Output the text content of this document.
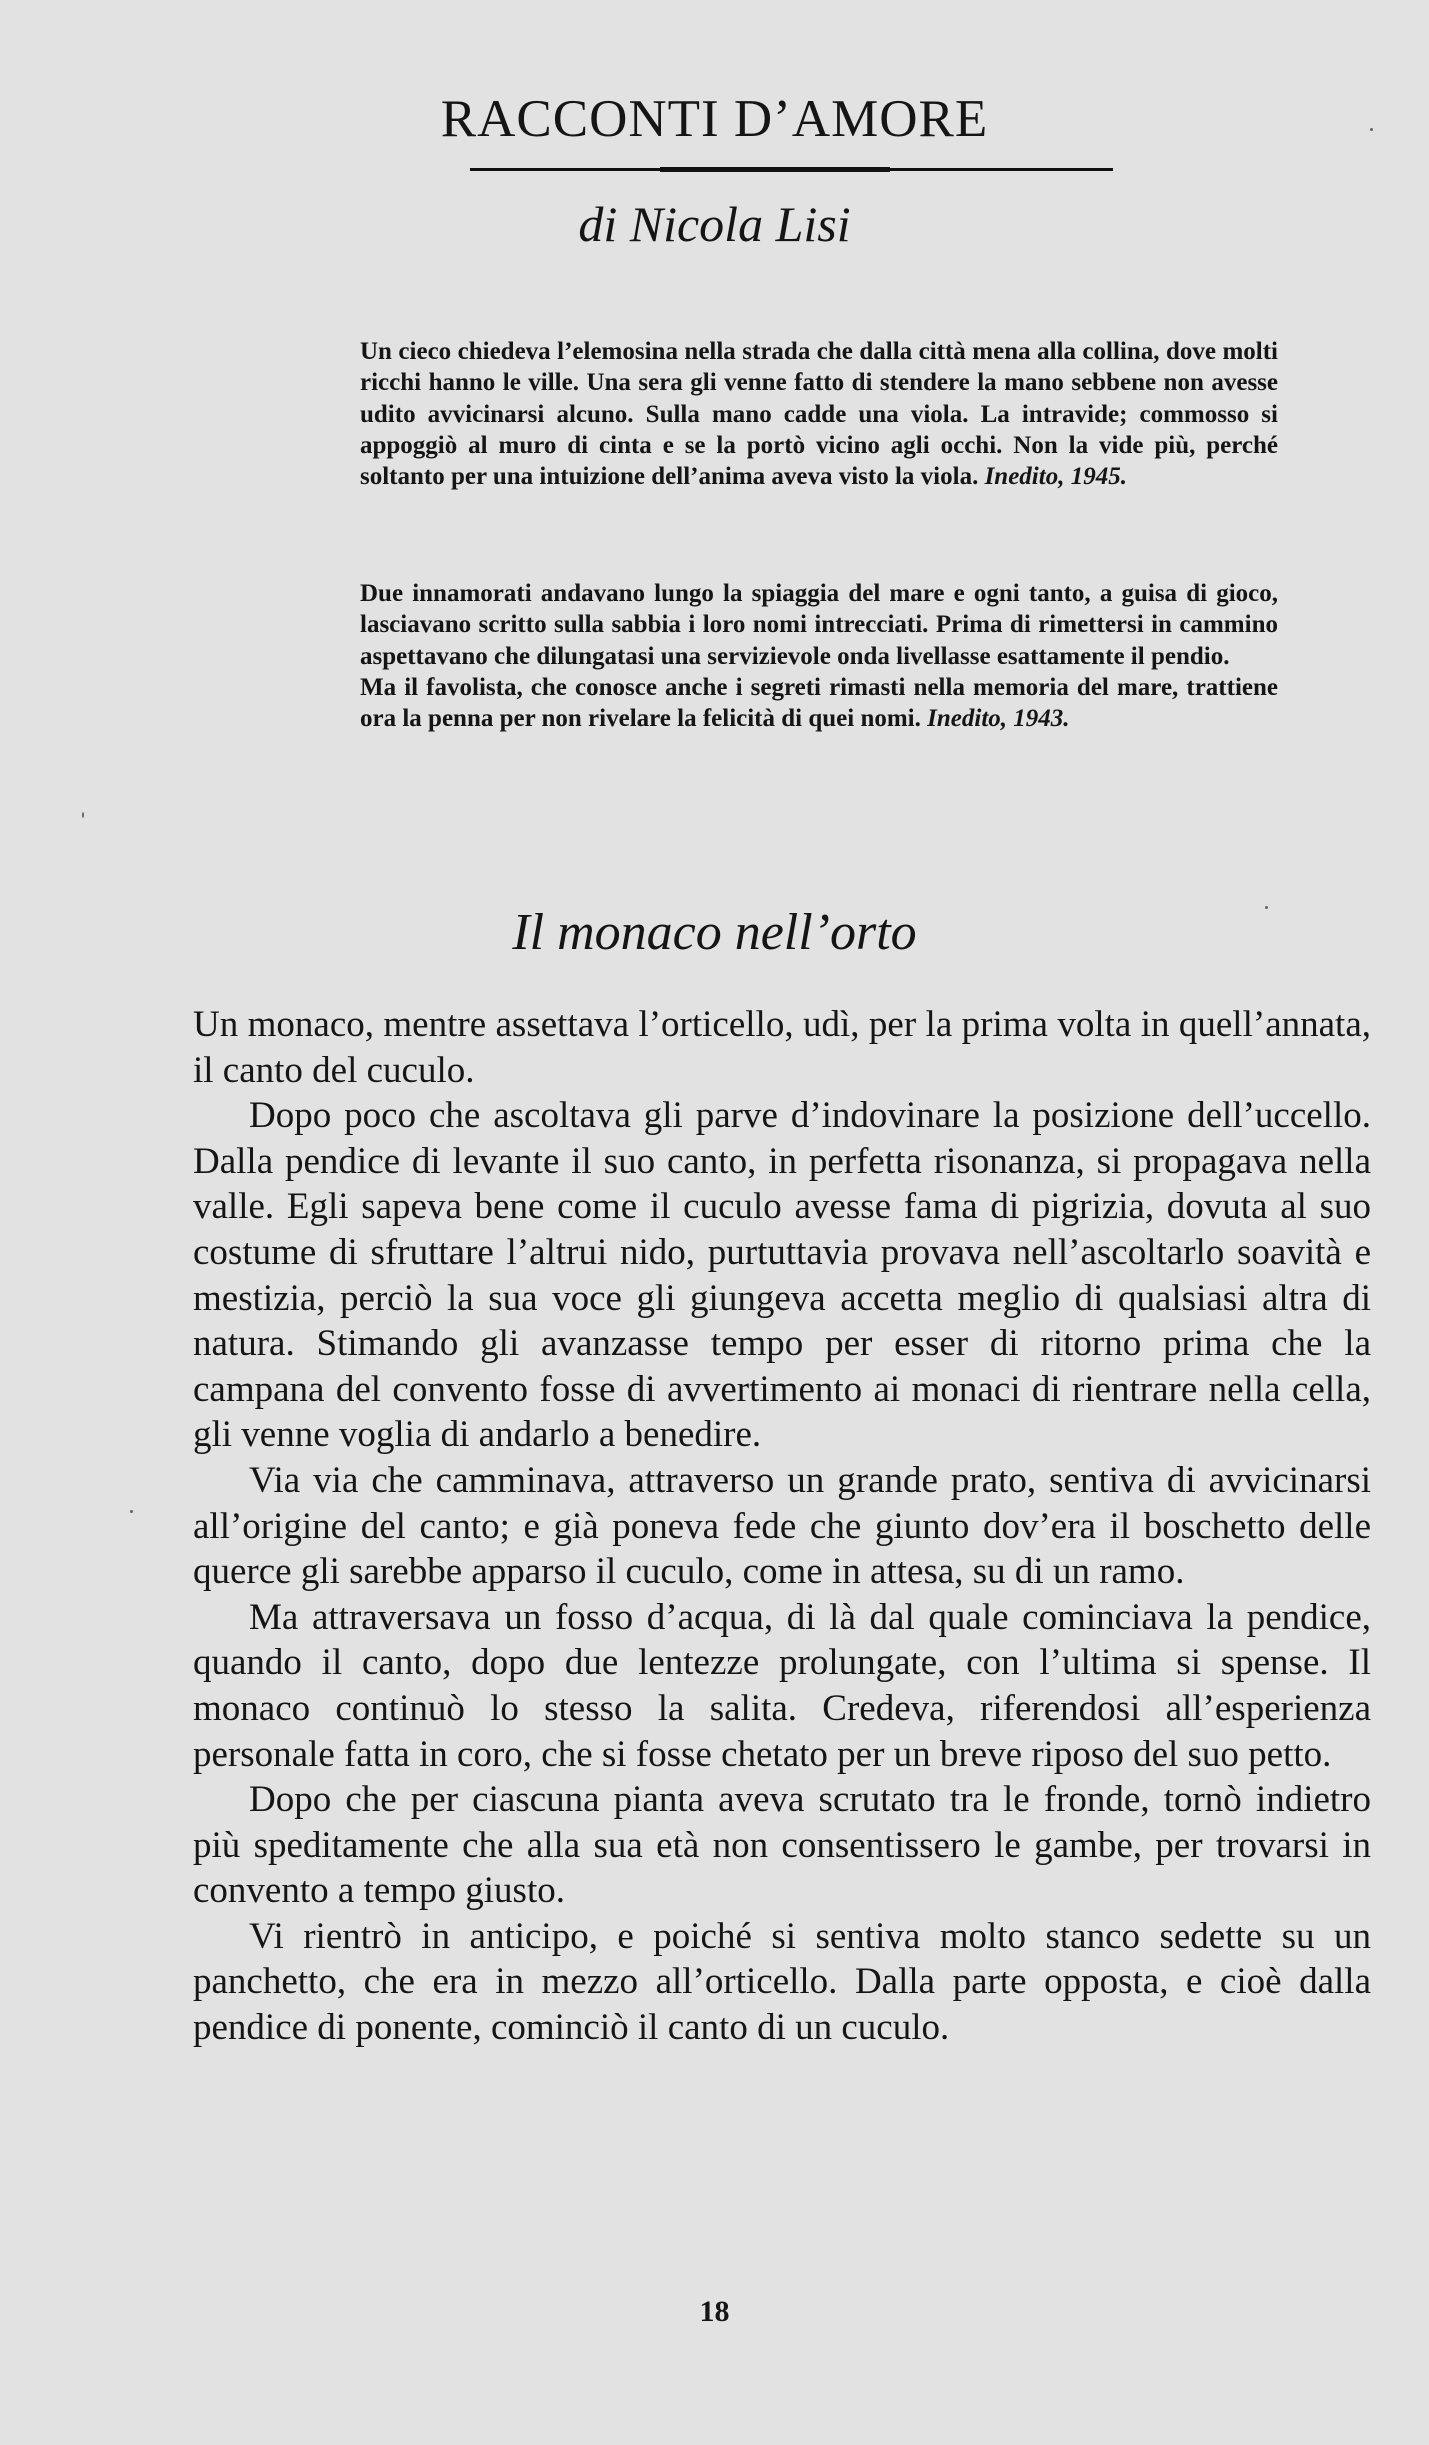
RACCONTI D’AMORE
di Nicola Lisi

Un cieco chiedeva l’elemosina nella strada che dalla città mena alla collina, dove molti ricchi hanno le ville. Una sera gli venne fatto di stendere la mano sebbene non avesse udito avvicinarsi alcuno. Sulla mano cadde una viola. La intravide; commosso si appoggiò al muro di cinta e se la portò vicino agli occhi. Non la vide più, perché soltanto per una intuizione dell’anima aveva visto la viola. Inedito, 1945.

Due innamorati andavano lungo la spiaggia del mare e ogni tanto, a guisa di gioco, lasciavano scritto sulla sabbia i loro nomi intrecciati. Prima di rimettersi in cammino aspettavano che dilungatasi una servizievole onda livellasse esattamente il pendio.

Ma il favolista, che conosce anche i segreti rimasti nella memoria del mare, trattiene ora la penna per non rivelare la felicità di quei nomi. Inedito, 1943.

Il monaco nell’orto

Un monaco, mentre assettava l’orticello, udì, per la prima volta in quell’annata, il canto del cuculo.

Dopo poco che ascoltava gli parve d’indovinare la posizione dell’uccello. Dalla pendice di levante il suo canto, in perfetta risonanza, si propagava nella valle. Egli sapeva bene come il cuculo avesse fama di pigrizia, dovuta al suo costume di sfruttare l’altrui nido, purtuttavia provava nell’ascoltarlo soavità e mestizia, perciò la sua voce gli giungeva accetta meglio di qualsiasi altra di natura. Stimando gli avanzasse tempo per esser di ritorno prima che la campana del convento fosse di avvertimento ai monaci di rientrare nella cella, gli venne voglia di andarlo a benedire.

Via via che camminava, attraverso un grande prato, sentiva di avvicinarsi all’origine del canto; e già poneva fede che giunto dov’era il boschetto delle querce gli sarebbe apparso il cuculo, come in attesa, su di un ramo.

Ma attraversava un fosso d’acqua, di là dal quale cominciava la pendice, quando il canto, dopo due lentezze prolungate, con l’ultima si spense. Il monaco continuò lo stesso la salita. Credeva, riferendosi all’esperienza personale fatta in coro, che si fosse chetato per un breve riposo del suo petto.

Dopo che per ciascuna pianta aveva scrutato tra le fronde, tornò indietro più speditamente che alla sua età non consentissero le gambe, per trovarsi in convento a tempo giusto.

Vi rientrò in anticipo, e poiché si sentiva molto stanco sedette su un panchetto, che era in mezzo all’orticello. Dalla parte opposta, e cioè dalla pendice di ponente, cominciò il canto di un cuculo.

18
